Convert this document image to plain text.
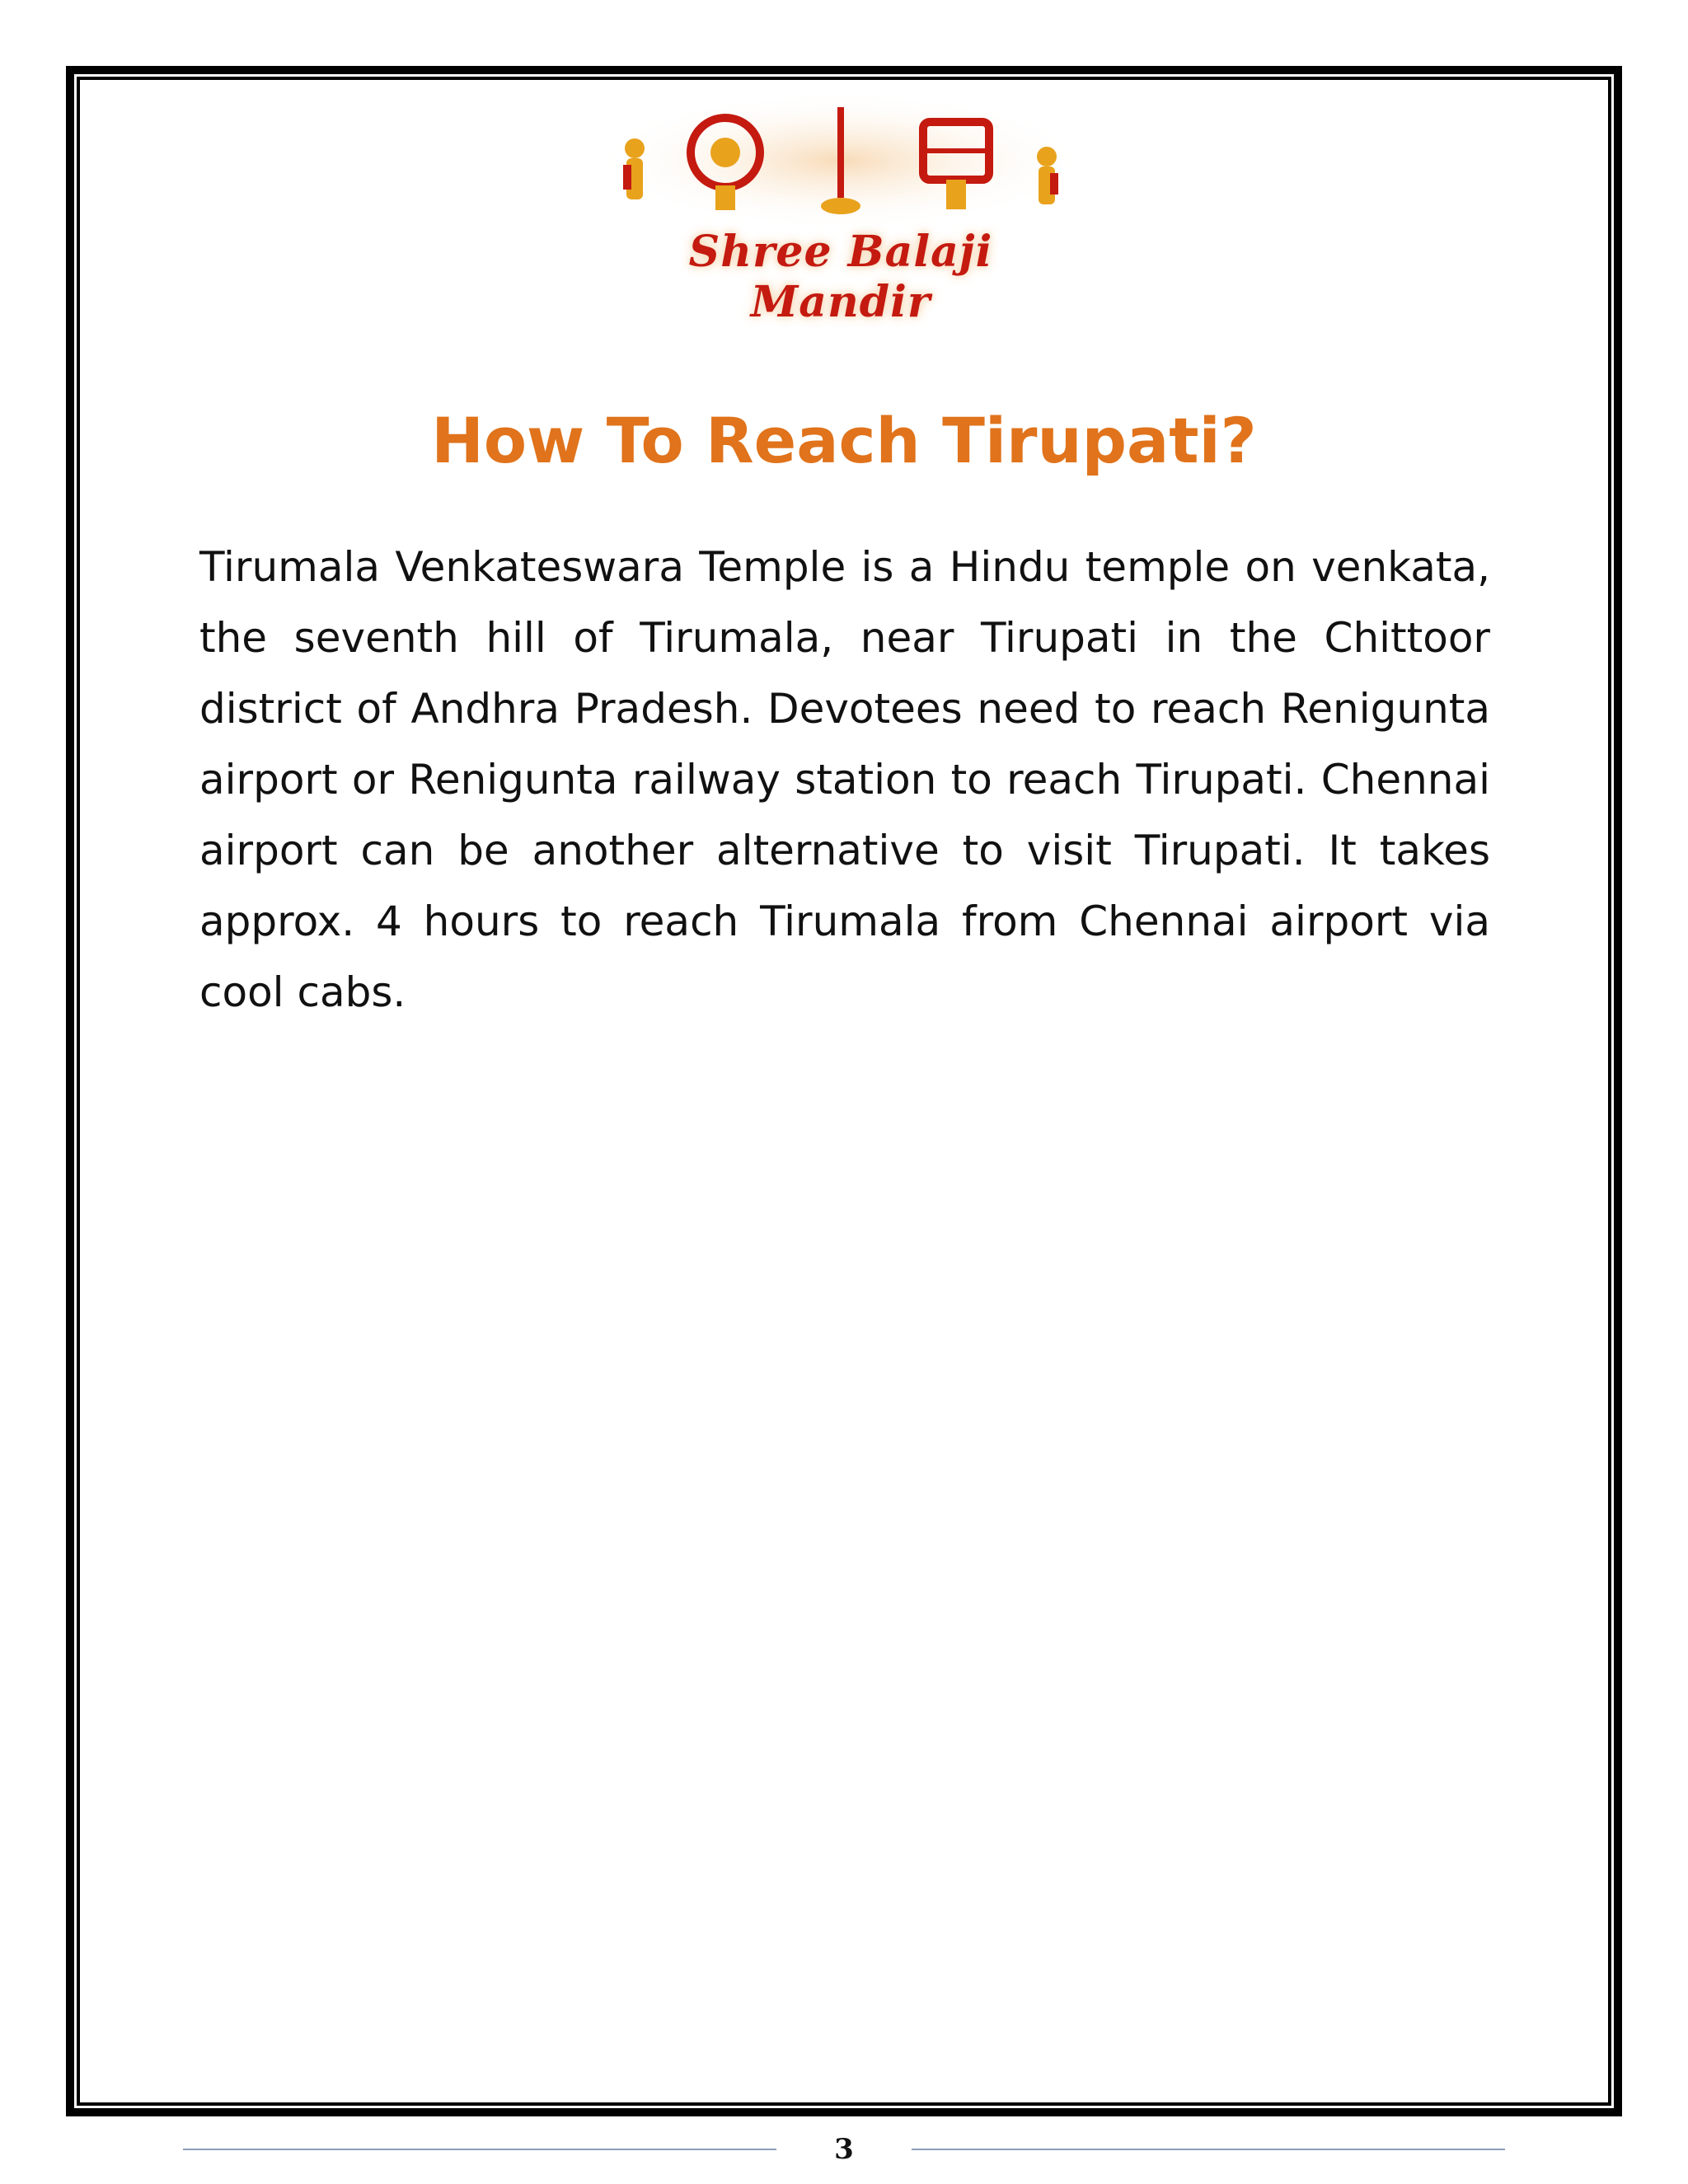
Shree Balaji Mandir
How To Reach Tirupati?

Tirumala Venkateswara Temple is a Hindu temple on venkata, the seventh hill of Tirumala, near Tirupati in the Chittoor district of Andhra Pradesh. Devotees need to reach Renigunta airport or Renigunta railway station to reach Tirupati. Chennai airport can be another alternative to visit Tirupati. It takes approx. 4 hours to reach Tirumala from Chennai airport via cool cabs.

3
